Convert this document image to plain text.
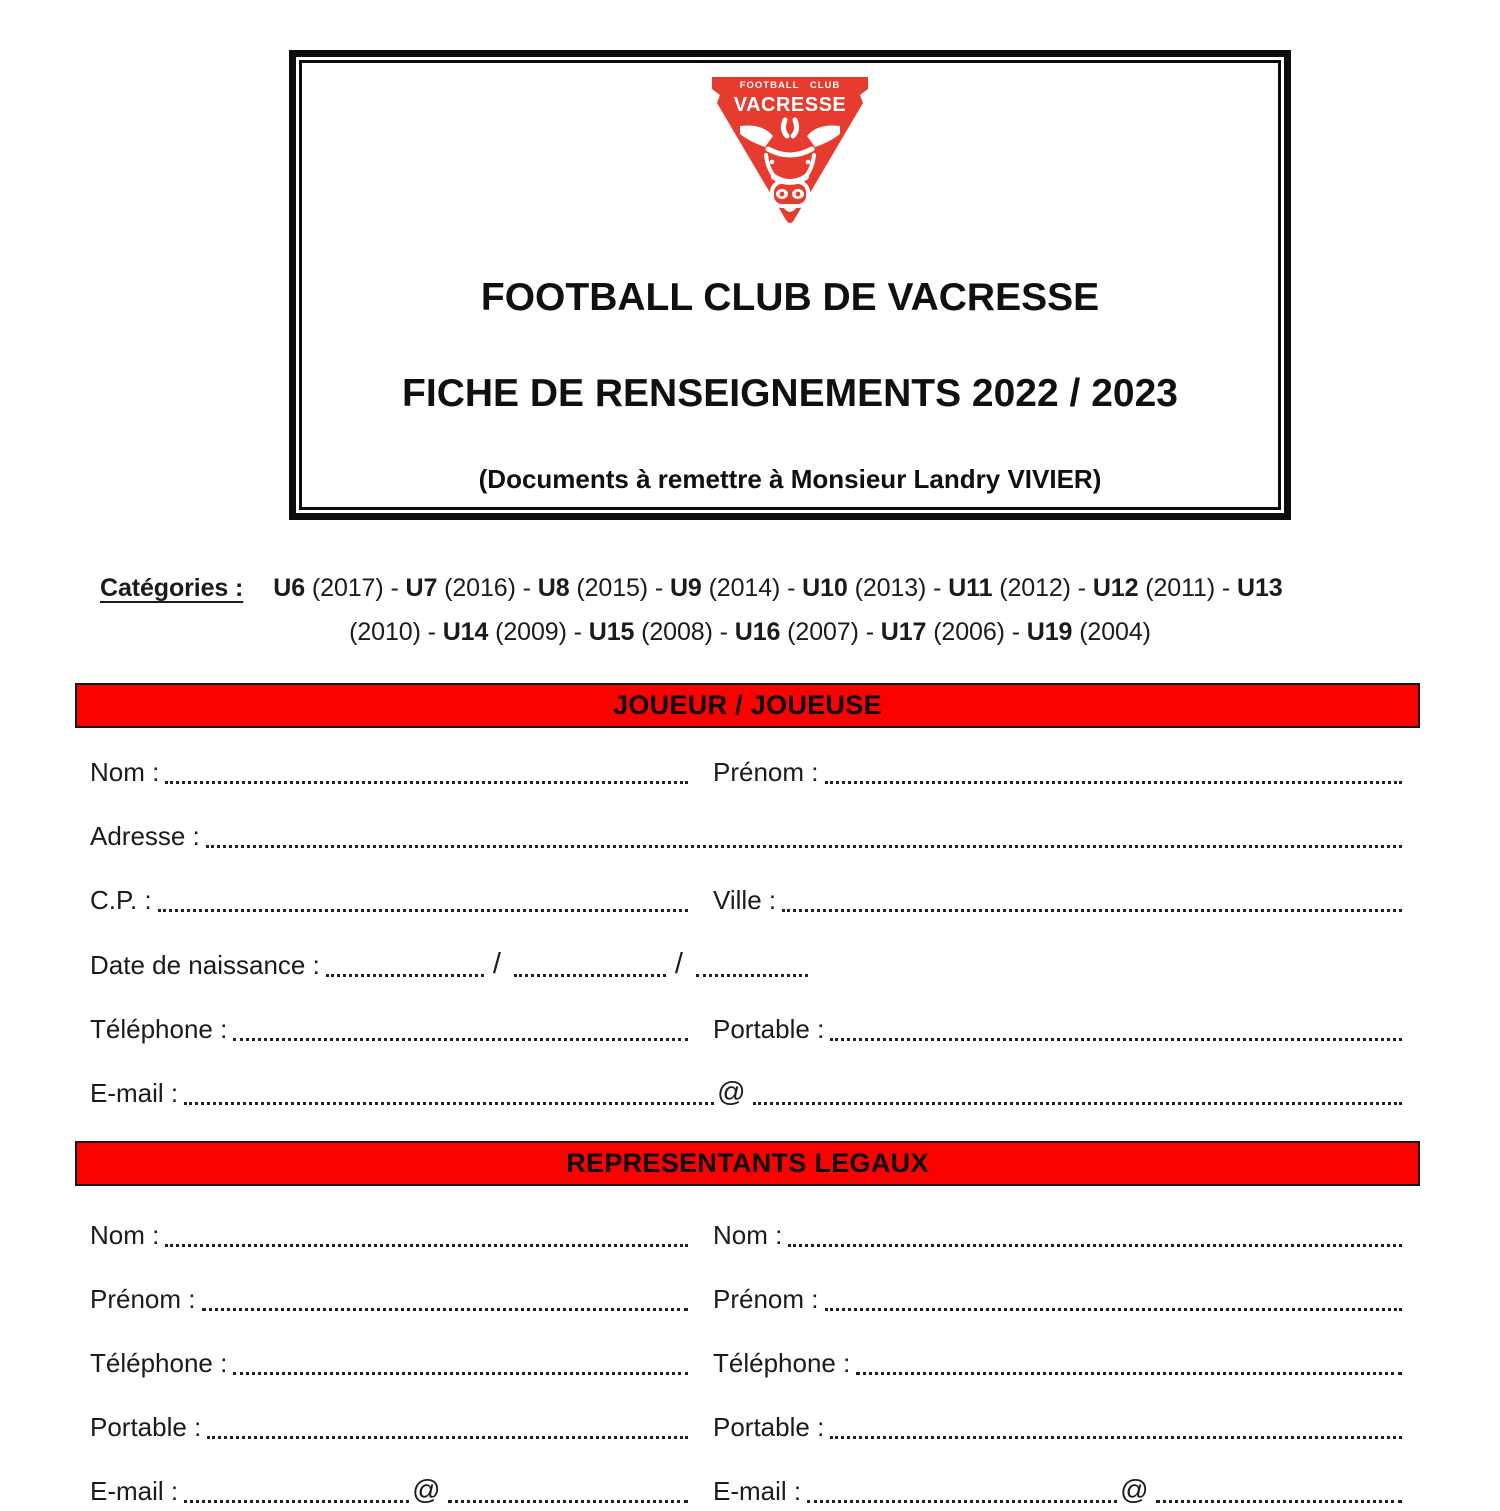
FOOTBALL CLUB
VACRESSE
FOOTBALL CLUB DE VACRESSE
FICHE DE RENSEIGNEMENTS 2022 / 2023
(Documents à remettre à Monsieur Landry VIVIER)
Catégories : U6 (2017) - U7 (2016) - U8 (2015) - U9 (2014) - U10 (2013) - U11 (2012) - U12 (2011) - U13
(2010) - U14 (2009) - U15 (2008) - U16 (2007) - U17 (2006) - U19 (2004)
JOUEUR / JOUEUSE
Nom :	Prénom :
Adresse :
C.P. :	Ville :
Date de naissance :	/	/
Téléphone :	Portable :
E-mail :	@
REPRESENTANTS LEGAUX
Nom :	Nom :
Prénom :	Prénom :
Téléphone :	Téléphone :
Portable :	Portable :
E-mail :	@	E-mail :	@
